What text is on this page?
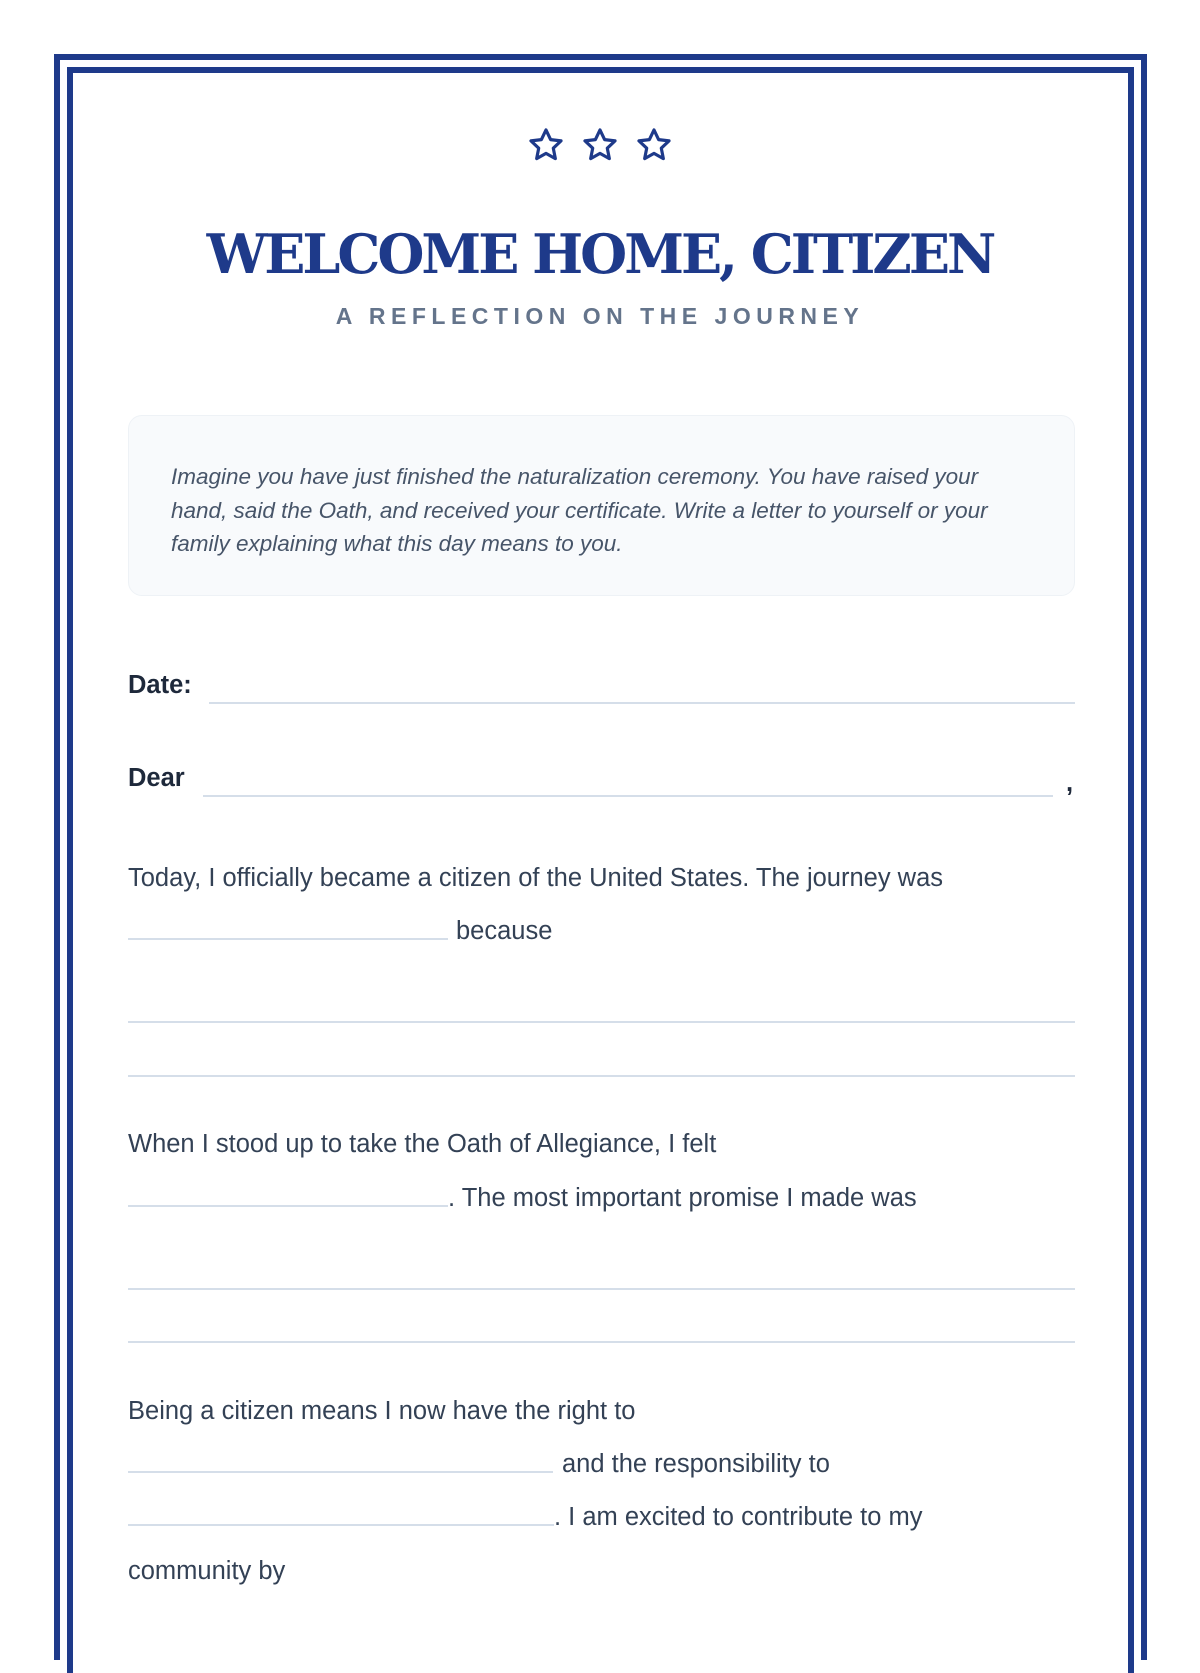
WELCOME HOME, CITIZEN
A REFLECTION ON THE JOURNEY
Imagine you have just finished the naturalization ceremony. You have raised your hand, said the Oath, and received your certificate. Write a letter to yourself or your family explaining what this day means to you.
Date:
Dear	,
Today, I officially became a citizen of the United States. The journey was
because
When I stood up to take the Oath of Allegiance, I felt
. The most important promise I made was
Being a citizen means I now have the right to
and the responsibility to
. I am excited to contribute to my
community by
